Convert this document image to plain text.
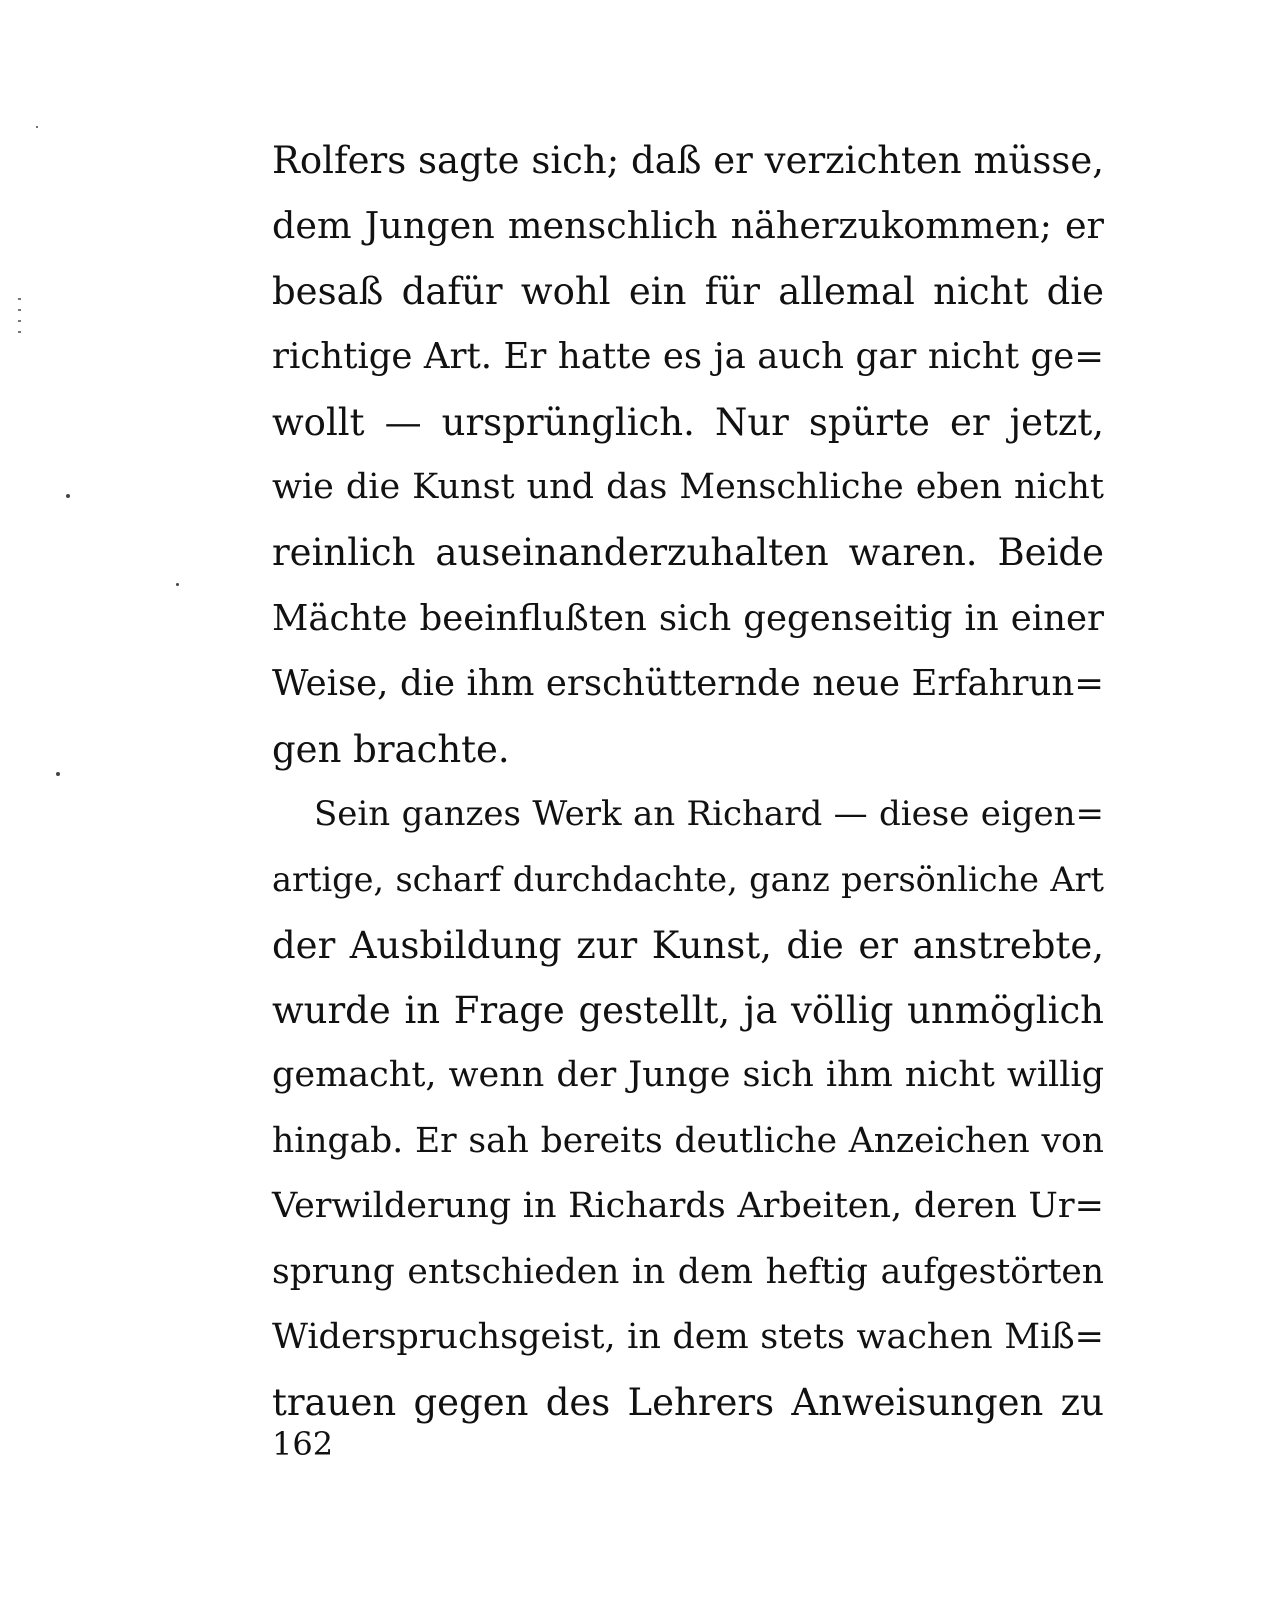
Rolfers sagte sich; daß er verzichten müsse,
dem Jungen menschlich näherzukommen; er
besaß dafür wohl ein für allemal nicht die
richtige Art. Er hatte es ja auch gar nicht ge=
wollt — ursprünglich. Nur spürte er jetzt,
wie die Kunst und das Menschliche eben nicht
reinlich auseinanderzuhalten waren. Beide
Mächte beeinflußten sich gegenseitig in einer
Weise, die ihm erschütternde neue Erfahrun=
gen brachte.
Sein ganzes Werk an Richard — diese eigen=
artige, scharf durchdachte, ganz persönliche Art
der Ausbildung zur Kunst, die er anstrebte,
wurde in Frage gestellt, ja völlig unmöglich
gemacht, wenn der Junge sich ihm nicht willig
hingab. Er sah bereits deutliche Anzeichen von
Verwilderung in Richards Arbeiten, deren Ur=
sprung entschieden in dem heftig aufgestörten
Widerspruchsgeist, in dem stets wachen Miß=
trauen gegen des Lehrers Anweisungen zu
162
